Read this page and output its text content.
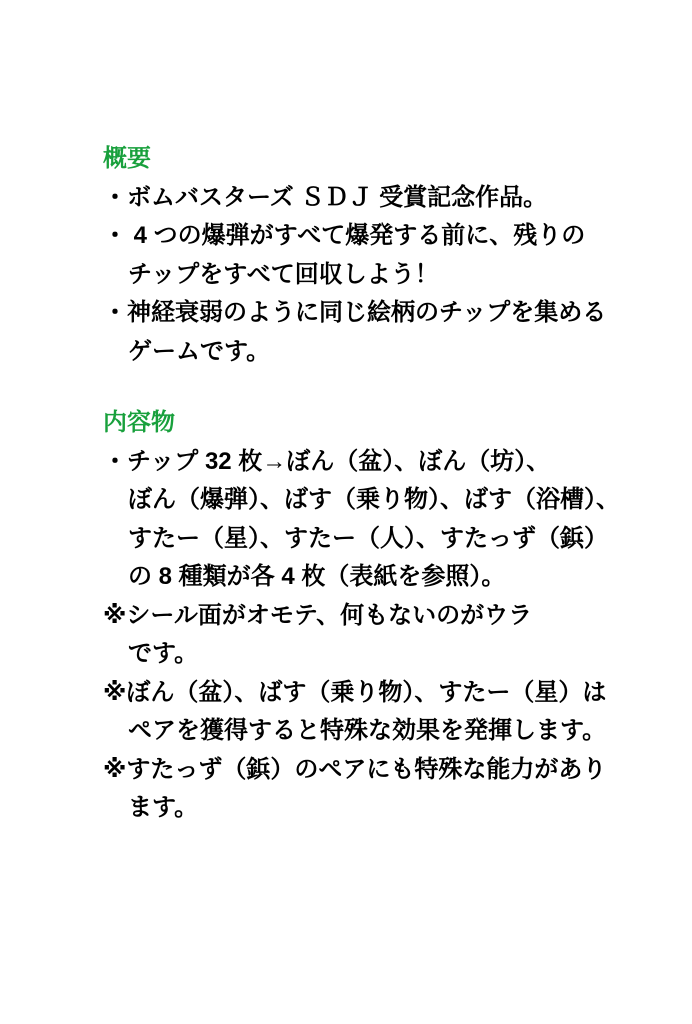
概要
・ボムバスターズ ＳＤＪ 受賞記念作品。
・ 4 つの爆弾がすべて爆発する前に、残りの
チップをすべて回収しよう！
・神経衰弱のように同じ絵柄のチップを集める
ゲームです。
内容物
・チップ 32 枚→ぼん（盆）、ぼん（坊）、
ぼん（爆弾）、ばす（乗り物）、ばす（浴槽）、
すたー（星）、すたー（人）、すたっず（鋲）
の 8 種類が各 4 枚（表紙を参照）。
※シール面がオモテ、何もないのがウラ
です。
※ぼん（盆）、ばす（乗り物）、すたー（星）は
ペアを獲得すると特殊な効果を発揮します。
※すたっず（鋲）のペアにも特殊な能力があり
ます。
